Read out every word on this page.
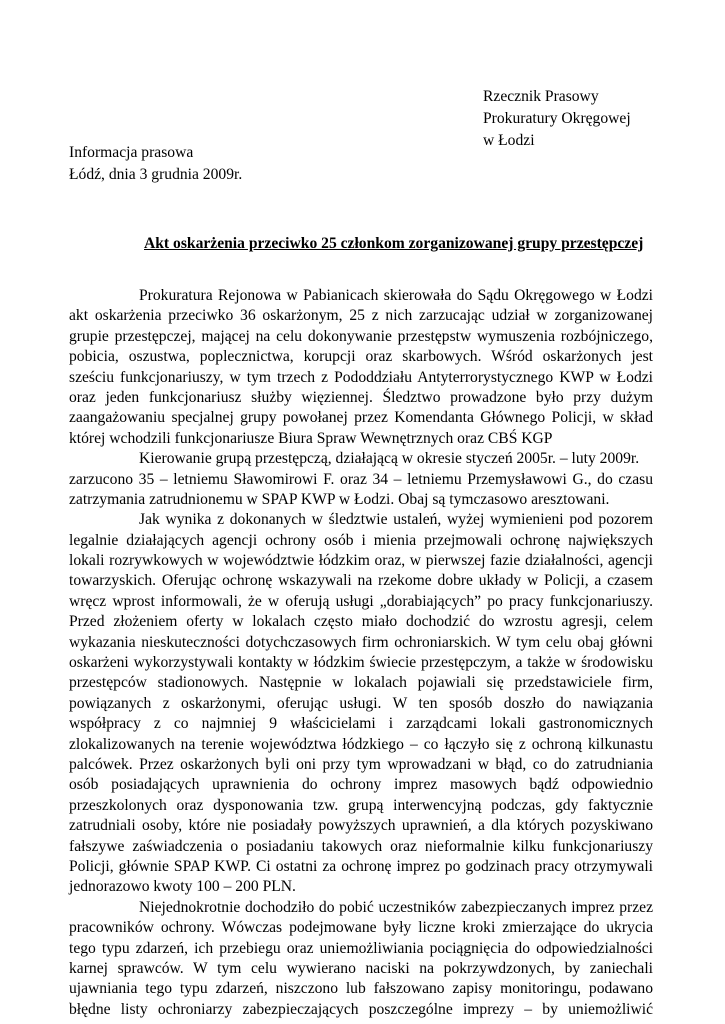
Rzecznik Prasowy
Prokuratury Okręgowej
w Łodzi
Informacja prasowa
Łódź, dnia 3 grudnia 2009r.
Akt oskarżenia przeciwko 25 członkom zorganizowanej grupy przestępczej
Prokuratura Rejonowa w Pabianicach skierowała do Sądu Okręgowego w Łodzi
akt oskarżenia przeciwko 36 oskarżonym, 25 z nich zarzucając udział w zorganizowanej
grupie przestępczej, mającej na celu dokonywanie przestępstw wymuszenia rozbójniczego,
pobicia, oszustwa, poplecznictwa, korupcji oraz skarbowych. Wśród oskarżonych jest
sześciu funkcjonariuszy, w tym trzech z Pododdziału Antyterrorystycznego KWP w Łodzi
oraz jeden funkcjonariusz służby więziennej. Śledztwo prowadzone było przy dużym
zaangażowaniu specjalnej grupy powołanej przez Komendanta Głównego Policji, w skład
której wchodzili funkcjonariusze Biura Spraw Wewnętrznych oraz CBŚ KGP
Kierowanie grupą przestępczą, działającą w okresie styczeń 2005r. – luty 2009r.
zarzucono 35 – letniemu Sławomirowi F. oraz 34 – letniemu Przemysławowi G., do czasu
zatrzymania zatrudnionemu w SPAP KWP w Łodzi. Obaj są tymczasowo aresztowani.
Jak wynika z dokonanych w śledztwie ustaleń, wyżej wymienieni pod pozorem
legalnie działających agencji ochrony osób i mienia przejmowali ochronę największych
lokali rozrywkowych w województwie łódzkim oraz, w pierwszej fazie działalności, agencji
towarzyskich. Oferując ochronę wskazywali na rzekome dobre układy w Policji, a czasem
wręcz wprost informowali, że w oferują usługi „dorabiających” po pracy funkcjonariuszy.
Przed złożeniem oferty w lokalach często miało dochodzić do wzrostu agresji, celem
wykazania nieskuteczności dotychczasowych firm ochroniarskich. W tym celu obaj główni
oskarżeni wykorzystywali kontakty w łódzkim świecie przestępczym, a także w środowisku
przestępców stadionowych. Następnie w lokalach pojawiali się przedstawiciele firm,
powiązanych z oskarżonymi, oferując usługi. W ten sposób doszło do nawiązania
współpracy z co najmniej 9 właścicielami i zarządcami lokali gastronomicznych
zlokalizowanych na terenie województwa łódzkiego – co łączyło się z ochroną kilkunastu
palcówek. Przez oskarżonych byli oni przy tym wprowadzani w błąd, co do zatrudniania
osób posiadających uprawnienia do ochrony imprez masowych bądź odpowiednio
przeszkolonych oraz dysponowania tzw. grupą interwencyjną podczas, gdy faktycznie
zatrudniali osoby, które nie posiadały powyższych uprawnień, a dla których pozyskiwano
fałszywe zaświadczenia o posiadaniu takowych oraz nieformalnie kilku funkcjonariuszy
Policji, głównie SPAP KWP. Ci ostatni za ochronę imprez po godzinach pracy otrzymywali
jednorazowo kwoty 100 – 200 PLN.
Niejednokrotnie dochodziło do pobić uczestników zabezpieczanych imprez przez
pracowników ochrony. Wówczas podejmowane były liczne kroki zmierzające do ukrycia
tego typu zdarzeń, ich przebiegu oraz uniemożliwiania pociągnięcia do odpowiedzialności
karnej sprawców. W tym celu wywierano naciski na pokrzywdzonych, by zaniechali
ujawniania tego typu zdarzeń, niszczono lub fałszowano zapisy monitoringu, podawano
błędne listy ochroniarzy zabezpieczających poszczególne imprezy – by uniemożliwić
